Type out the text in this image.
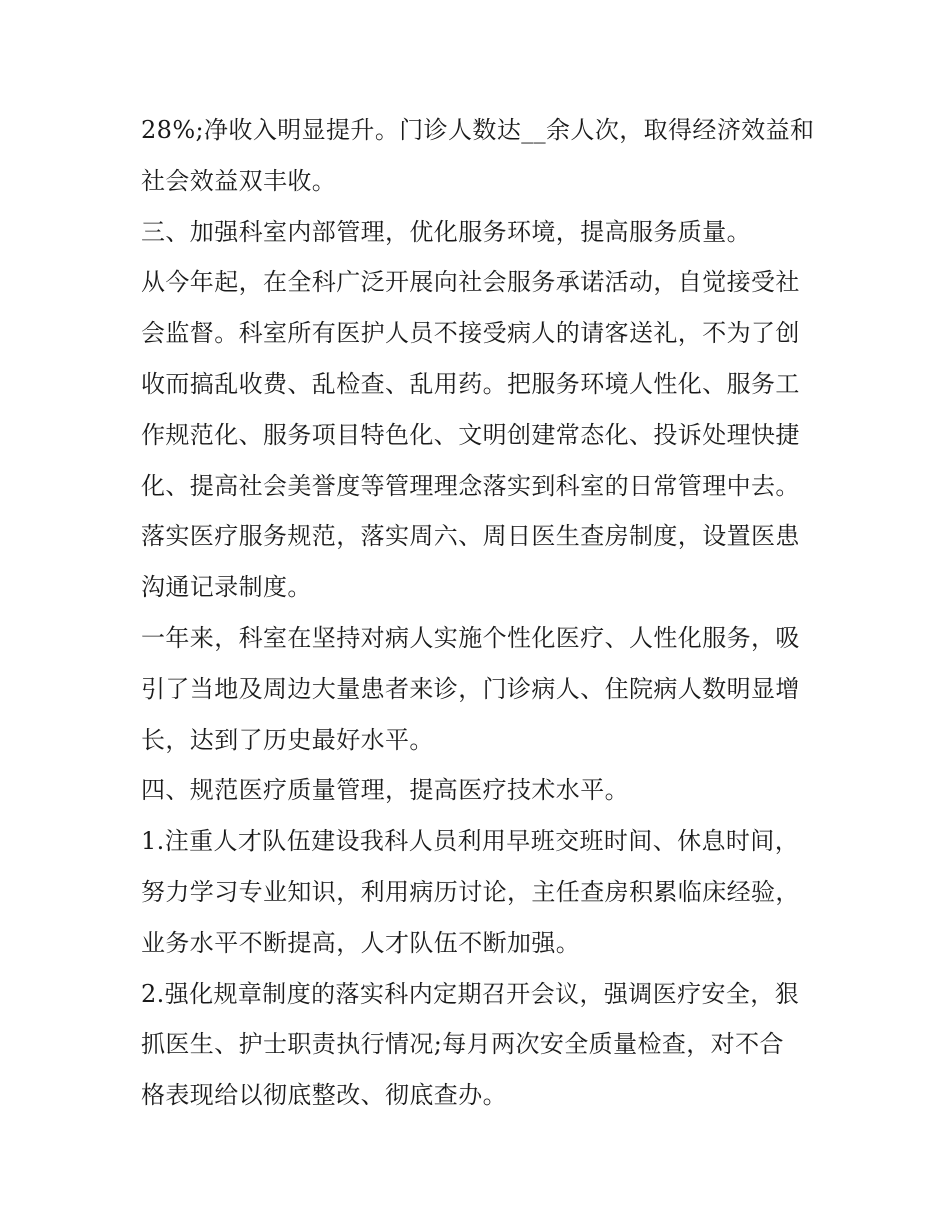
28%;净收入明显提升。门诊人数达__余人次，取得经济效益和

社会效益双丰收。

三、加强科室内部管理，优化服务环境，提高服务质量。

从今年起，在全科广泛开展向社会服务承诺活动，自觉接受社

会监督。科室所有医护人员不接受病人的请客送礼，不为了创

收而搞乱收费、乱检查、乱用药。把服务环境人性化、服务工

作规范化、服务项目特色化、文明创建常态化、投诉处理快捷

化、提高社会美誉度等管理理念落实到科室的日常管理中去。

落实医疗服务规范，落实周六、周日医生查房制度，设置医患

沟通记录制度。

一年来，科室在坚持对病人实施个性化医疗、人性化服务，吸

引了当地及周边大量患者来诊，门诊病人、住院病人数明显增

长，达到了历史最好水平。

四、规范医疗质量管理，提高医疗技术水平。

1.注重人才队伍建设我科人员利用早班交班时间、休息时间，

努力学习专业知识，利用病历讨论，主任查房积累临床经验，

业务水平不断提高，人才队伍不断加强。

2.强化规章制度的落实科内定期召开会议，强调医疗安全，狠

抓医生、护士职责执行情况;每月两次安全质量检查，对不合

格表现给以彻底整改、彻底查办。
